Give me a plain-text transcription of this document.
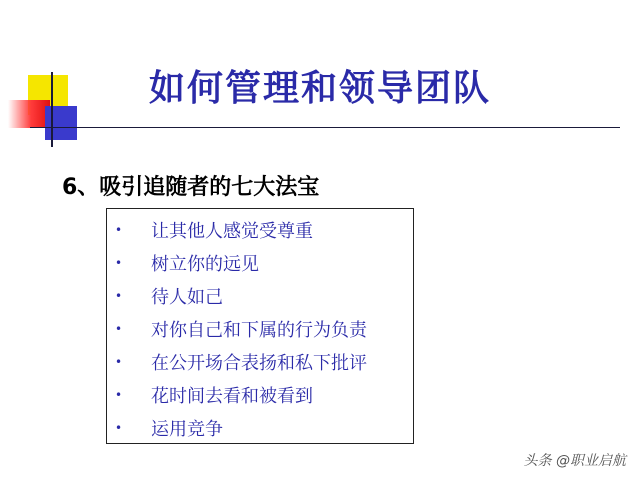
如何管理和领导团队
6、吸引追随者的七大法宝
•	让其他人感觉受尊重
•	树立你的远见
•	待人如己
•	对你自己和下属的行为负责
•	在公开场合表扬和私下批评
•	花时间去看和被看到
•	运用竞争
头条 @职业启航
